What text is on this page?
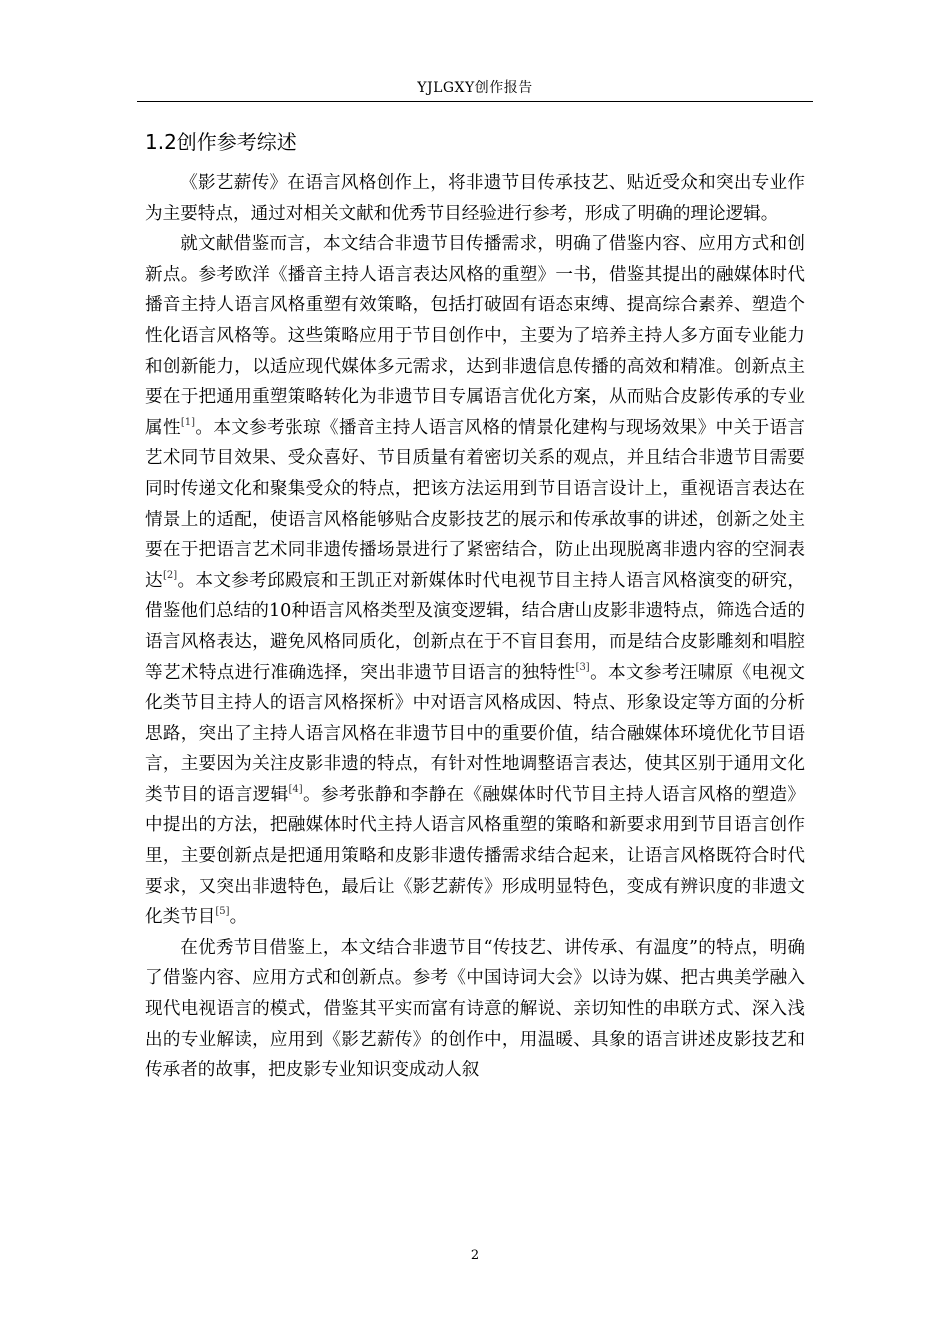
YJLGXY创作报告
1.2创作参考综述

《影艺薪传》在语言风格创作上，将非遗节目传承技艺、贴近受众和突出专业作为主要特点，通过对相关文献和优秀节目经验进行参考，形成了明确的理论逻辑。

就文献借鉴而言，本文结合非遗节目传播需求，明确了借鉴内容、应用方式和创新点。参考欧洋《播音主持人语言表达风格的重塑》一书，借鉴其提出的融媒体时代播音主持人语言风格重塑有效策略，包括打破固有语态束缚、提高综合素养、塑造个性化语言风格等。这些策略应用于节目创作中，主要为了培养主持人多方面专业能力和创新能力，以适应现代媒体多元需求，达到非遗信息传播的高效和精准。创新点主要在于把通用重塑策略转化为非遗节目专属语言优化方案，从而贴合皮影传承的专业属性[1]。本文参考张琼《播音主持人语言风格的情景化建构与现场效果》中关于语言艺术同节目效果、受众喜好、节目质量有着密切关系的观点，并且结合非遗节目需要同时传递文化和聚集受众的特点，把该方法运用到节目语言设计上，重视语言表达在情景上的适配，使语言风格能够贴合皮影技艺的展示和传承故事的讲述，创新之处主要在于把语言艺术同非遗传播场景进行了紧密结合，防止出现脱离非遗内容的空洞表达[2]。本文参考邱殿宸和王凯正对新媒体时代电视节目主持人语言风格演变的研究，借鉴他们总结的10种语言风格类型及演变逻辑，结合唐山皮影非遗特点，筛选合适的语言风格表达，避免风格同质化，创新点在于不盲目套用，而是结合皮影雕刻和唱腔等艺术特点进行准确选择，突出非遗节目语言的独特性[3]。本文参考汪啸原《电视文化类节目主持人的语言风格探析》中对语言风格成因、特点、形象设定等方面的分析思路，突出了主持人语言风格在非遗节目中的重要价值，结合融媒体环境优化节目语言，主要因为关注皮影非遗的特点，有针对性地调整语言表达，使其区别于通用文化类节目的语言逻辑[4]。参考张静和李静在《融媒体时代节目主持人语言风格的塑造》中提出的方法，把融媒体时代主持人语言风格重塑的策略和新要求用到节目语言创作里，主要创新点是把通用策略和皮影非遗传播需求结合起来，让语言风格既符合时代要求，又突出非遗特色，最后让《影艺薪传》形成明显特色，变成有辨识度的非遗文化类节目[5]。

在优秀节目借鉴上，本文结合非遗节目“传技艺、讲传承、有温度”的特点，明确了借鉴内容、应用方式和创新点。参考《中国诗词大会》以诗为媒、把古典美学融入现代电视语言的模式，借鉴其平实而富有诗意的解说、亲切知性的串联方式、深入浅出的专业解读，应用到《影艺薪传》的创作中，用温暖、具象的语言讲述皮影技艺和传承者的故事，把皮影专业知识变成动人叙

2
